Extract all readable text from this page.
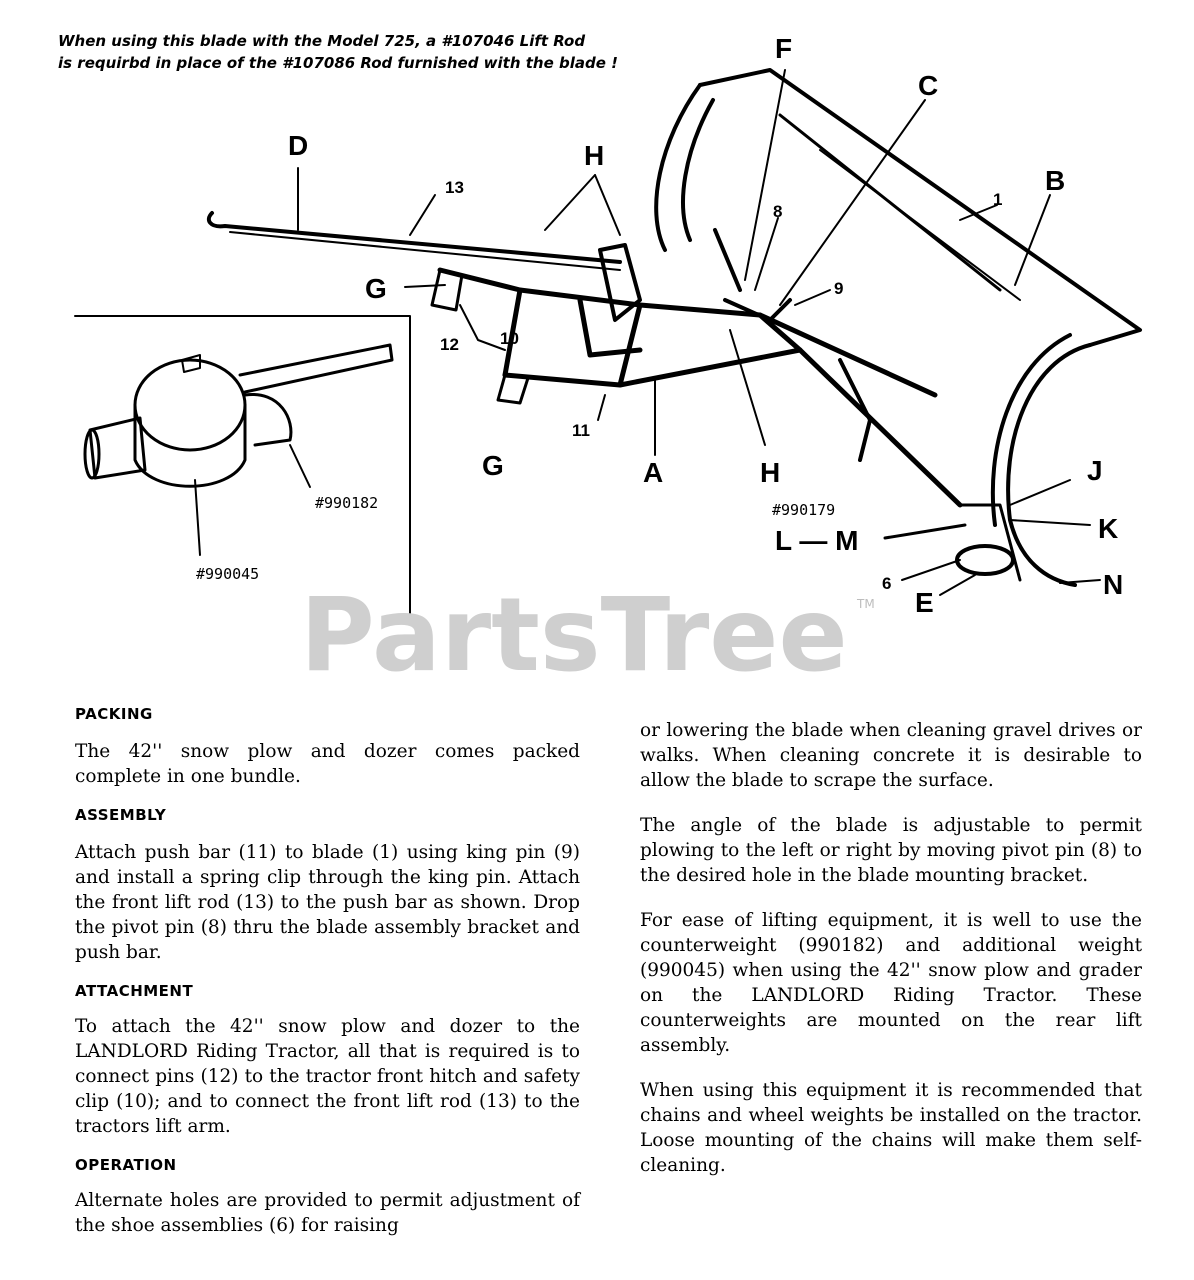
When using this blade with the Model 725, a #107046 Lift Rod
is requirbd in place of the #107086 Rod furnished with the blade !
PartsTree TM
A
B
C
D
E
F
G
G
H
H	J
K
L — M
N
1
6
8
9
10
11
12
13
#990182
#990045
#990179
PACKING

The 42'' snow plow and dozer comes packed complete in one bundle.

ASSEMBLY

Attach push bar (11) to blade (1) using king pin (9) and install a spring clip through the king pin. Attach the front lift rod (13) to the push bar as shown. Drop the pivot pin (8) thru the blade assembly bracket and push bar.

ATTACHMENT

To attach the 42'' snow plow and dozer to the LANDLORD Riding Tractor, all that is required is to connect pins (12) to the tractor front hitch and safety clip (10); and to connect the front lift rod (13) to the tractors lift arm.

OPERATION

Alternate holes are provided to permit adjustment of the shoe assemblies (6) for raising

or lowering the blade when cleaning gravel drives or walks. When cleaning concrete it is desirable to allow the blade to scrape the surface.

The angle of the blade is adjustable to permit plowing to the left or right by moving pivot pin (8) to the desired hole in the blade mounting bracket.

For ease of lifting equipment, it is well to use the counterweight (990182) and additional weight (990045) when using the 42'' snow plow and grader on the LANDLORD Riding Tractor. These counterweights are mounted on the rear lift assembly.

When using this equipment it is recommended that chains and wheel weights be installed on the tractor. Loose mounting of the chains will make them self-cleaning.
